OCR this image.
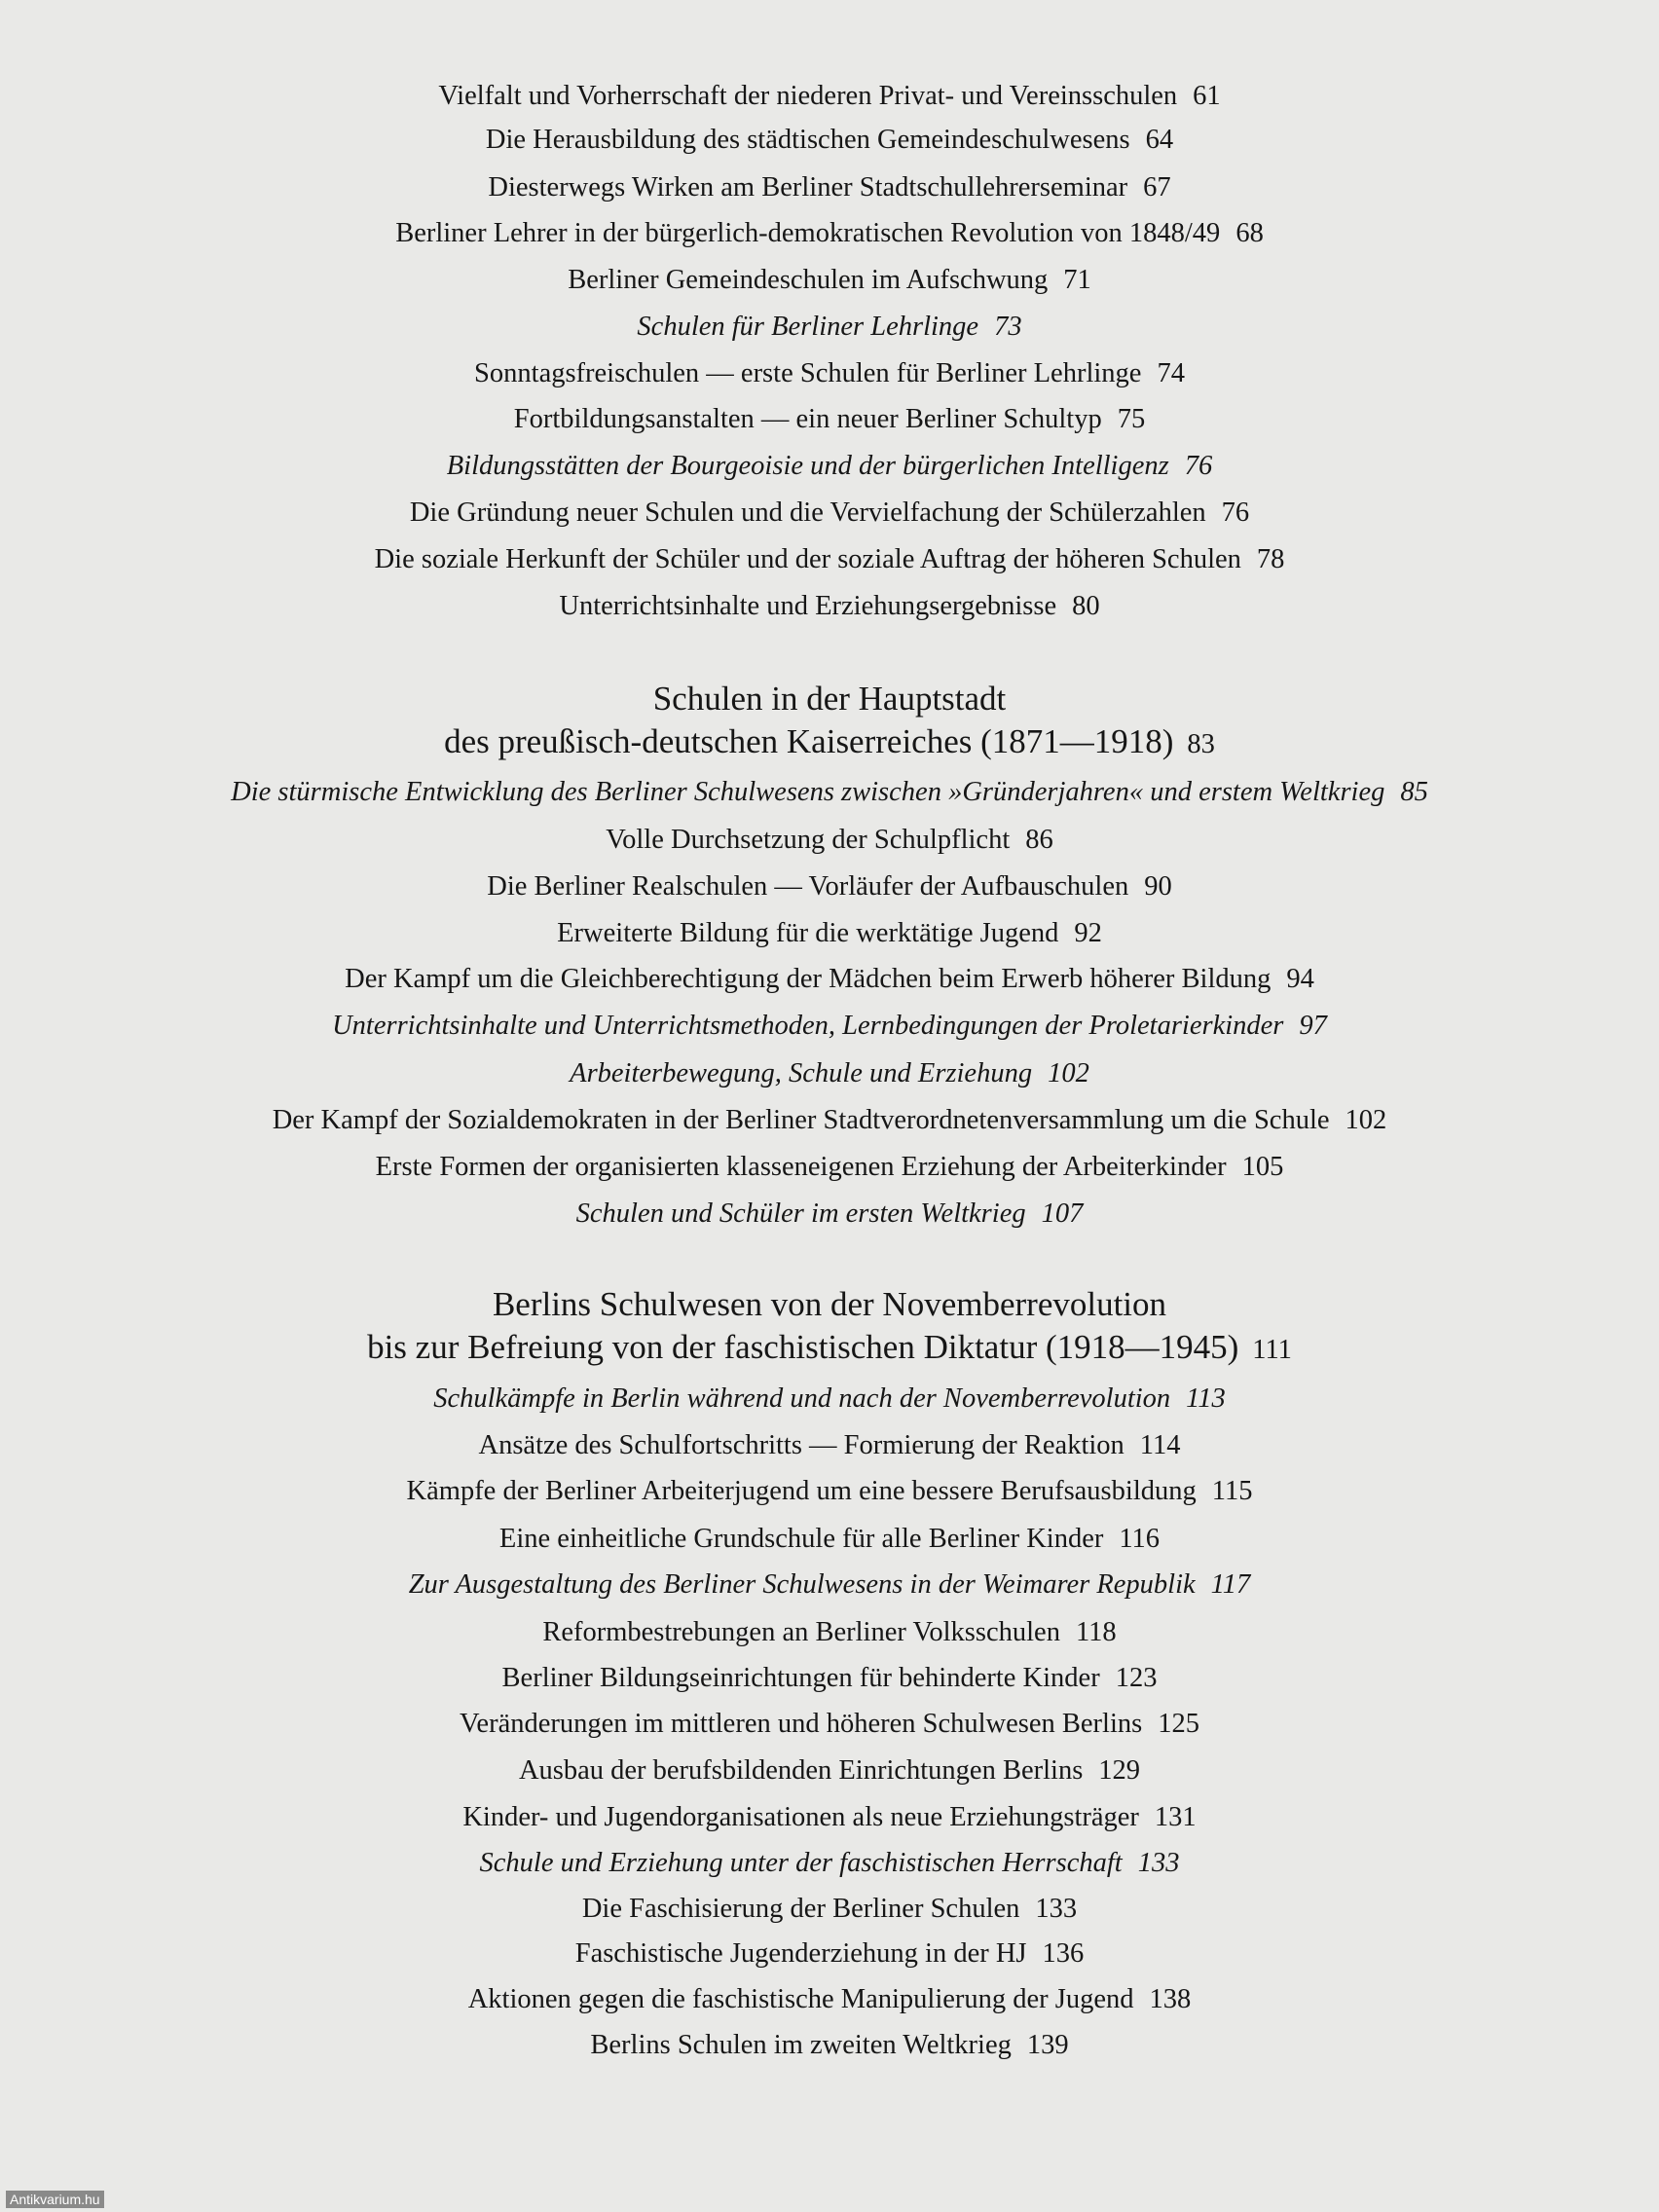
Vielfalt und Vorherrschaft der niederen Privat- und Vereinsschulen 61
Die Herausbildung des städtischen Gemeindeschulwesens 64
Diesterwegs Wirken am Berliner Stadtschullehrerseminar 67
Berliner Lehrer in der bürgerlich-demokratischen Revolution von 1848/49 68
Berliner Gemeindeschulen im Aufschwung 71
Schulen für Berliner Lehrlinge 73
Sonntagsfreischulen — erste Schulen für Berliner Lehrlinge 74
Fortbildungsanstalten — ein neuer Berliner Schultyp 75
Bildungsstätten der Bourgeoisie und der bürgerlichen Intelligenz 76
Die Gründung neuer Schulen und die Vervielfachung der Schülerzahlen 76
Die soziale Herkunft der Schüler und der soziale Auftrag der höheren Schulen 78
Unterrichtsinhalte und Erziehungsergebnisse 80
Schulen in der Hauptstadt
des preußisch-deutschen Kaiserreiches (1871—1918) 83
Die stürmische Entwicklung des Berliner Schulwesens zwischen »Gründerjahren« und erstem Weltkrieg 85
Volle Durchsetzung der Schulpflicht 86
Die Berliner Realschulen — Vorläufer der Aufbauschulen 90
Erweiterte Bildung für die werktätige Jugend 92
Der Kampf um die Gleichberechtigung der Mädchen beim Erwerb höherer Bildung 94
Unterrichtsinhalte und Unterrichtsmethoden, Lernbedingungen der Proletarierkinder 97
Arbeiterbewegung, Schule und Erziehung 102
Der Kampf der Sozialdemokraten in der Berliner Stadtverordnetenversammlung um die Schule 102
Erste Formen der organisierten klasseneigenen Erziehung der Arbeiterkinder 105
Schulen und Schüler im ersten Weltkrieg 107
Berlins Schulwesen von der Novemberrevolution
bis zur Befreiung von der faschistischen Diktatur (1918—1945) 111
Schulkämpfe in Berlin während und nach der Novemberrevolution 113
Ansätze des Schulfortschritts — Formierung der Reaktion 114
Kämpfe der Berliner Arbeiterjugend um eine bessere Berufsausbildung 115
Eine einheitliche Grundschule für alle Berliner Kinder 116
Zur Ausgestaltung des Berliner Schulwesens in der Weimarer Republik 117
Reformbestrebungen an Berliner Volksschulen 118
Berliner Bildungseinrichtungen für behinderte Kinder 123
Veränderungen im mittleren und höheren Schulwesen Berlins 125
Ausbau der berufsbildenden Einrichtungen Berlins 129
Kinder- und Jugendorganisationen als neue Erziehungsträger 131
Schule und Erziehung unter der faschistischen Herrschaft 133
Die Faschisierung der Berliner Schulen 133
Faschistische Jugenderziehung in der HJ 136
Aktionen gegen die faschistische Manipulierung der Jugend 138
Berlins Schulen im zweiten Weltkrieg 139
Antikvarium.hu
